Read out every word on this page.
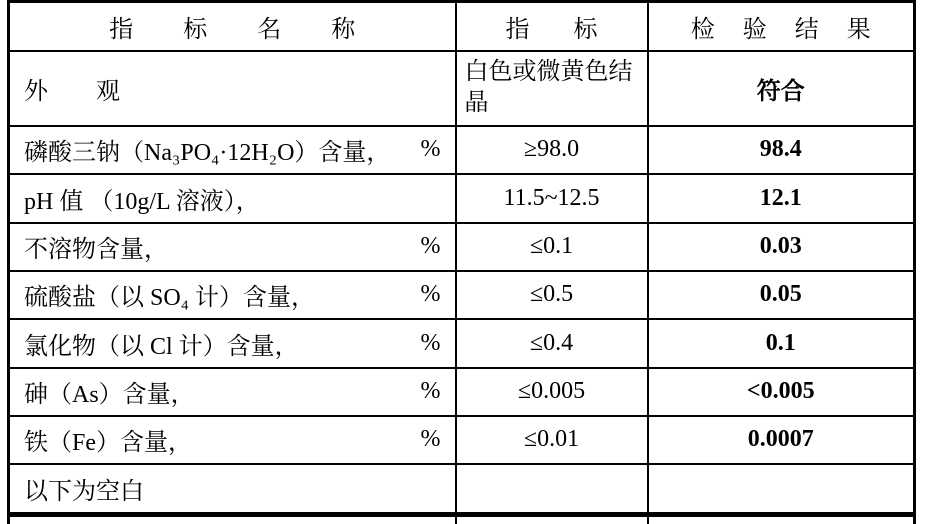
指 标 名 称	指 标	检 验 结 果

外 观	白色或微黄色结晶	符合

磷酸三钠（Na₃PO₄·12H₂O）含量， %	≥98.0	98.4

pH 值 （10g/L 溶液），	11.5~12.5	12.1

不溶物含量， %	≤0.1	0.03

硫酸盐（以 SO₄ 计）含量， %	≤0.5	0.05

氯化物（以 Cl 计）含量， %	≤0.4	0.1

砷（As）含量， %	≤0.005	<0.005

铁（Fe）含量， %	≤0.01	0.0007

以下为空白		
